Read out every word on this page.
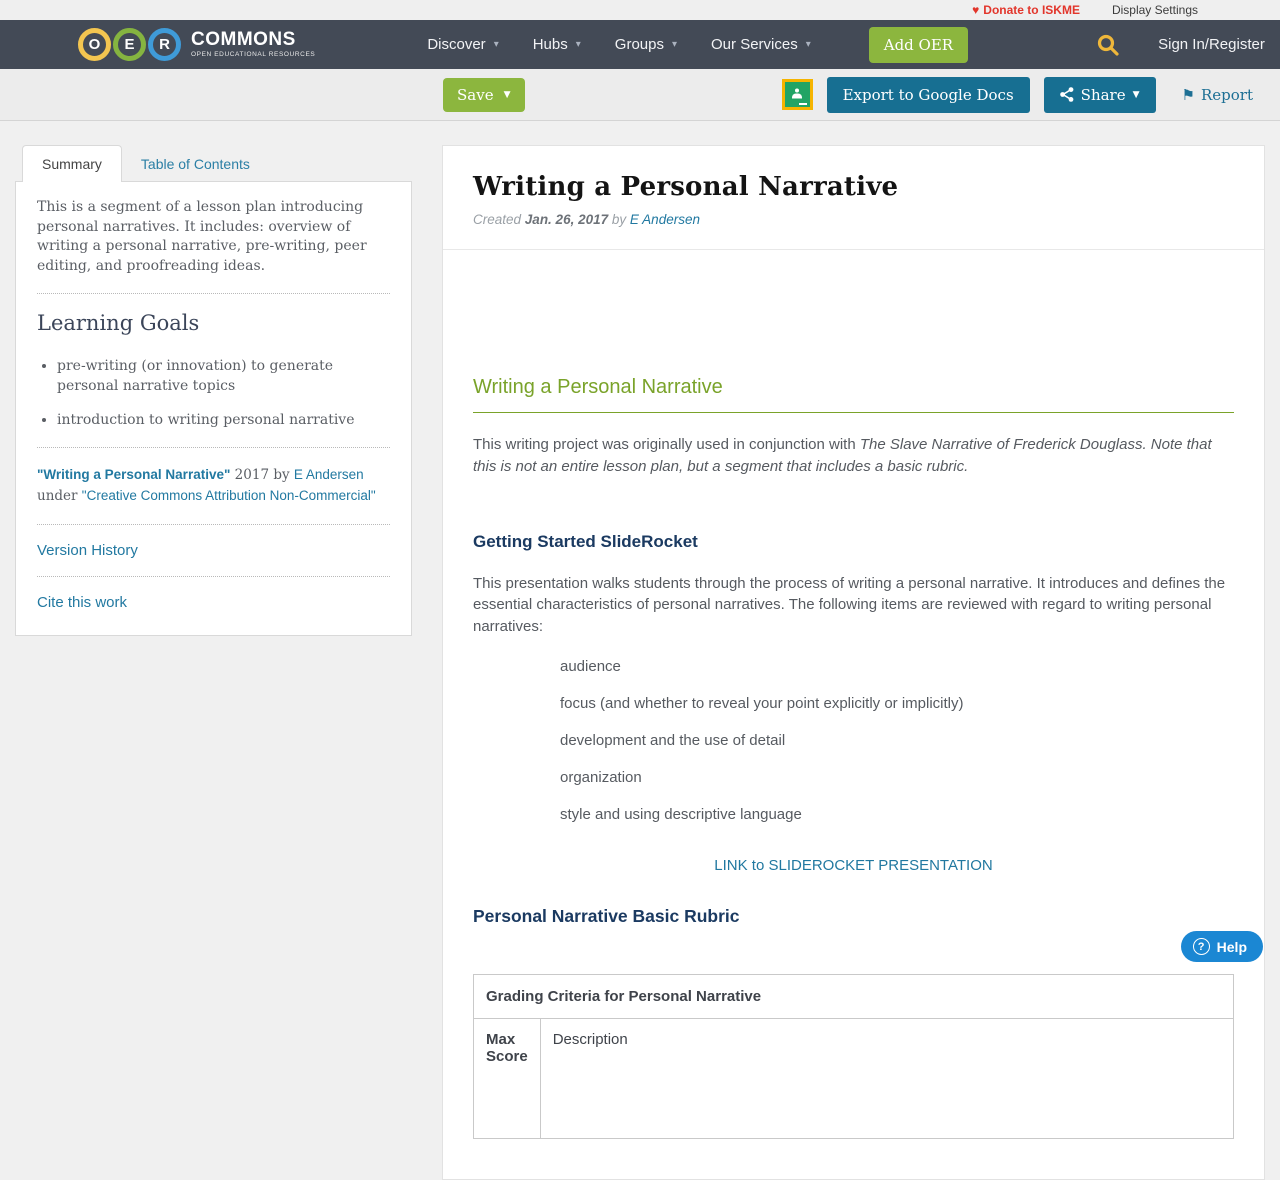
♥ Donate to ISKME	Display Settings
O	E	R	COMMONS
OPEN EDUCATIONAL RESOURCES
Discover ▾ Hubs ▾ Groups ▾ Our Services ▾	Add OER	Sign In/Register
Save ▼	Export to Google Docs	Share ▼	⚑ Report
Summary	Table of Contents

This is a segment of a lesson plan introducing personal narratives. It includes: overview of writing a personal narrative, pre-writing, peer editing, and proofreading ideas.

Learning Goals
• pre-writing (or innovation) to generate personal narrative topics
• introduction to writing personal narrative

"Writing a Personal Narrative" 2017 by E Andersen under "Creative Commons Attribution Non-Commercial"

Version History
Cite this work
Writing a Personal Narrative
Created Jan. 26, 2017 by E Andersen
Writing a Personal Narrative

This writing project was originally used in conjunction with The Slave Narrative of Frederick Douglass. Note that this is not an entire lesson plan, but a segment that includes a basic rubric.

Getting Started SlideRocket

This presentation walks students through the process of writing a personal narrative. It introduces and defines the essential characteristics of personal narratives. The following items are reviewed with regard to writing personal narratives:

audience
focus (and whether to reveal your point explicitly or implicitly)
development and the use of detail
organization
style and using descriptive language
LINK to SLIDEROCKET PRESENTATION
Personal Narrative Basic Rubric
Grading Criteria for Personal Narrative
Max Score	Description
? Help
